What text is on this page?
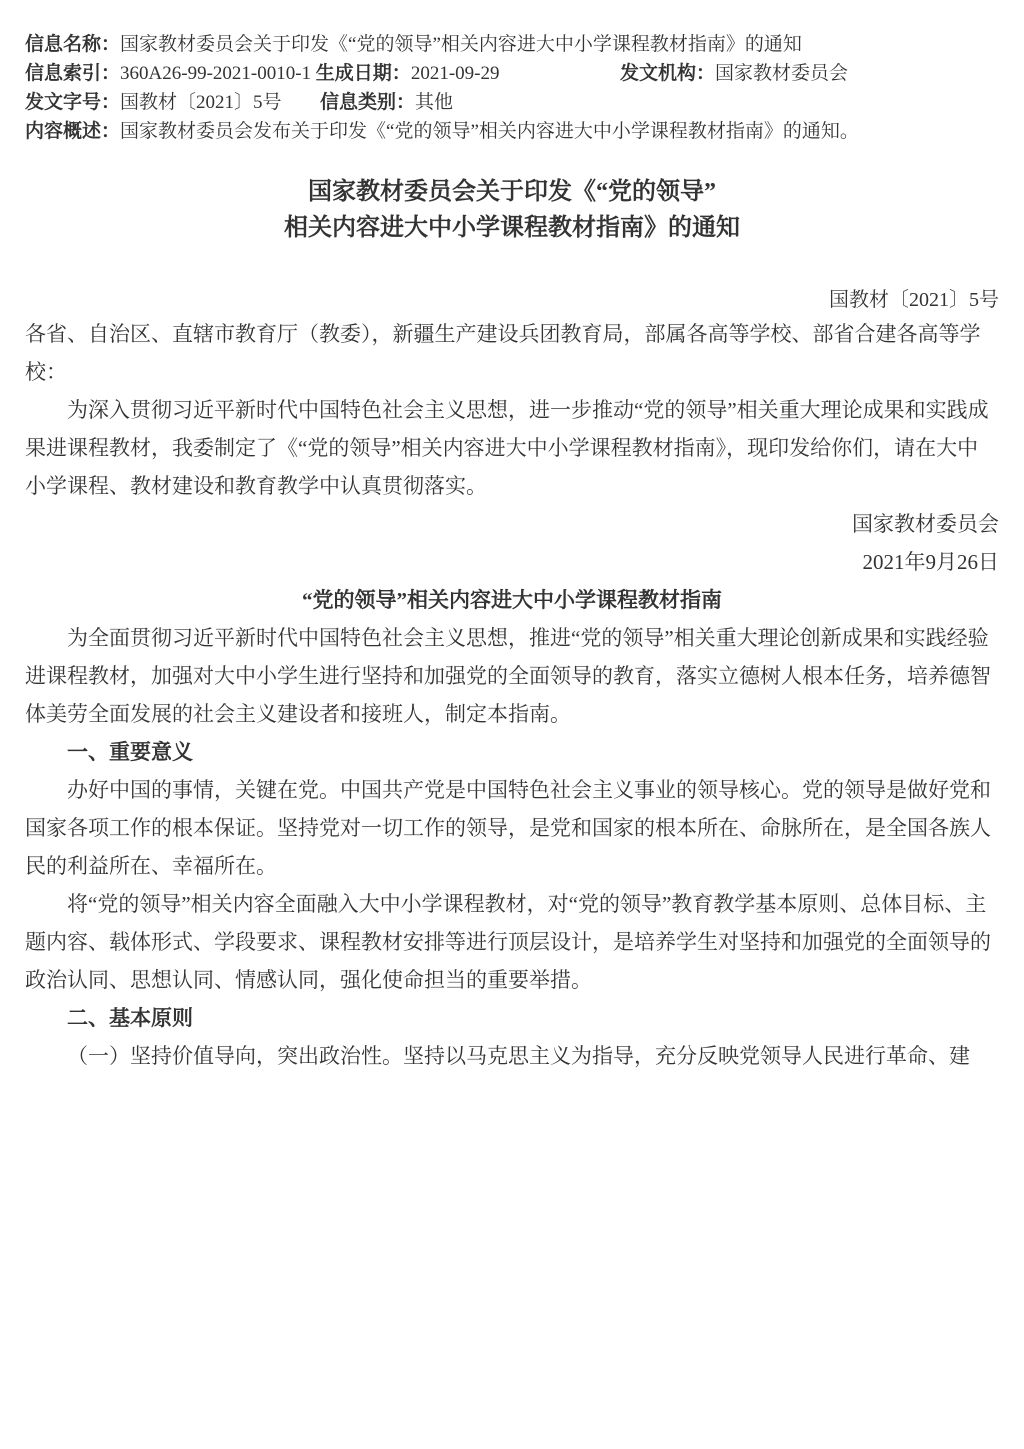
信息名称：国家教材委员会关于印发《“党的领导”相关内容进大中小学课程教材指南》的通知
信息索引：360A26-99-2021-0010-1 生成日期：2021-09-29	发文机构：国家教材委员会
发文字号：国教材〔2021〕5号 信息类别：其他
内容概述：国家教材委员会发布关于印发《“党的领导”相关内容进大中小学课程教材指南》的通知。
国家教材委员会关于印发《“党的领导”
相关内容进大中小学课程教材指南》的通知
国教材〔2021〕5号

各省、自治区、直辖市教育厅（教委），新疆生产建设兵团教育局，部属各高等学校、部省合建各高等学校：

为深入贯彻习近平新时代中国特色社会主义思想，进一步推动“党的领导”相关重大理论成果和实践成果进课程教材，我委制定了《“党的领导”相关内容进大中小学课程教材指南》，现印发给你们，请在大中小学课程、教材建设和教育教学中认真贯彻落实。

国家教材委员会

2021年9月26日

“党的领导”相关内容进大中小学课程教材指南

为全面贯彻习近平新时代中国特色社会主义思想，推进“党的领导”相关重大理论创新成果和实践经验进课程教材，加强对大中小学生进行坚持和加强党的全面领导的教育，落实立德树人根本任务，培养德智体美劳全面发展的社会主义建设者和接班人，制定本指南。

一、重要意义

办好中国的事情，关键在党。中国共产党是中国特色社会主义事业的领导核心。党的领导是做好党和国家各项工作的根本保证。坚持党对一切工作的领导，是党和国家的根本所在、命脉所在，是全国各族人民的利益所在、幸福所在。

将“党的领导”相关内容全面融入大中小学课程教材，对“党的领导”教育教学基本原则、总体目标、主题内容、载体形式、学段要求、课程教材安排等进行顶层设计，是培养学生对坚持和加强党的全面领导的政治认同、思想认同、情感认同，强化使命担当的重要举措。

二、基本原则

（一）坚持价值导向，突出政治性。坚持以马克思主义为指导，充分反映党领导人民进行革命、建
